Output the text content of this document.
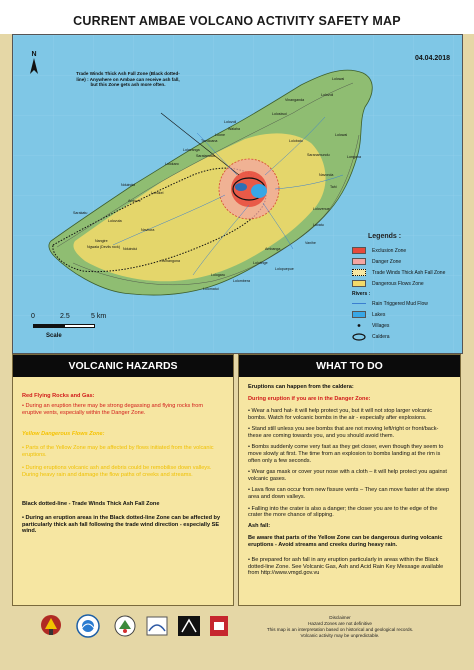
CURRENT AMBAE VOLCANO ACTIVITY SAFETY MAP
04.04.2018
N
Trade Winds Thick Ash Fall Zone (Black dotted-line) : Anywhere on Ambae can receive ash fall, but this Zone gets ash more often.
Lolowai
Lolovoli
Vinanganda
Lolosiwoi
Walaha
Loone
Lolovoli
Tavoloana
Lolovanga
Saratamata
Lolokaro
Nduindui
Lovukel
Ambore
Sarakatu
Lolovuta
Navitora
Nangire
Nduindui
Ngwala (Devils rock)
Lolotinge
Vanihe
Lovatu
Ambanga
Lologaru
Lolombera
Lolopuepue
Lolovenue
Tahi
Navonda
Longana
Lolowai
Saranamundu
Lolobatu
Vuinangona
Lolomatui
0	2.5	5 km
Scale
Legends :
Exclusion Zone
Danger Zone
Trade Winds Thick Ash Fall Zone
Dangerous Flows Zone
Rivers :
Rain Triggered Mud Flow
Lakes
Villages
Caldera
VOLCANIC HAZARDS
Red Flying Rocks and Gas:
• During an eruption there may be strong degassing and flying rocks from eruptive vents, especially within the Danger Zone.
Yellow Dangerous Flows Zone:
• Parts of the Yellow Zone may be affected by flows initiated from the volcanic eruptions.
• During eruptions volcanic ash and debris could be remobilise down valleys. During heavy rain and damage the flow paths of creeks and streams.
Black dotted-line - Trade Winds Thick Ash Fall Zone
• During an eruption areas in the Black dotted-line Zone can be affected by particularly thick ash fall following the trade wind direction - especially SE wind.
WHAT TO DO
Eruptions can happen from the caldera:
During eruption if you are in the Danger Zone:
• Wear a hard hat- it will help protect you, but it will not stop larger volcanic bombs. Watch for volcanic bombs in the air - especially after explosions.
• Stand still unless you see bombs that are not moving left/right or front/back- these are coming towards you, and you should avoid them.
• Bombs suddenly come very fast as they get closer, even though they seem to move slowly at first. The time from an explosion to bombs landing at the rim is often only a few seconds.
• Wear gas mask or cover your nose with a cloth – it will help protect you against volcanic gases.
• Lava flow can occur from new fissure vents – They can move faster at the steep area and down valleys.
• Falling into the crater is also a danger; the closer you are to the edge of the crater the more chance of slipping.
Ash fall:
Be aware that parts of the Yellow Zone can be dangerous during volcanic eruptions - Avoid streams and creeks during heavy rain.
• Be prepared for ash fall in any eruption particularly in areas within the Black dotted-line Zone. See Volcanic Gas, Ash and Acid Rain Key Message available from http://www.vmgd.gov.vu
Disclaimer
Hazard Zones are not definitive
This map is an interpretation based on historical and geological records.
Volcanic activity may be unpredictable.
